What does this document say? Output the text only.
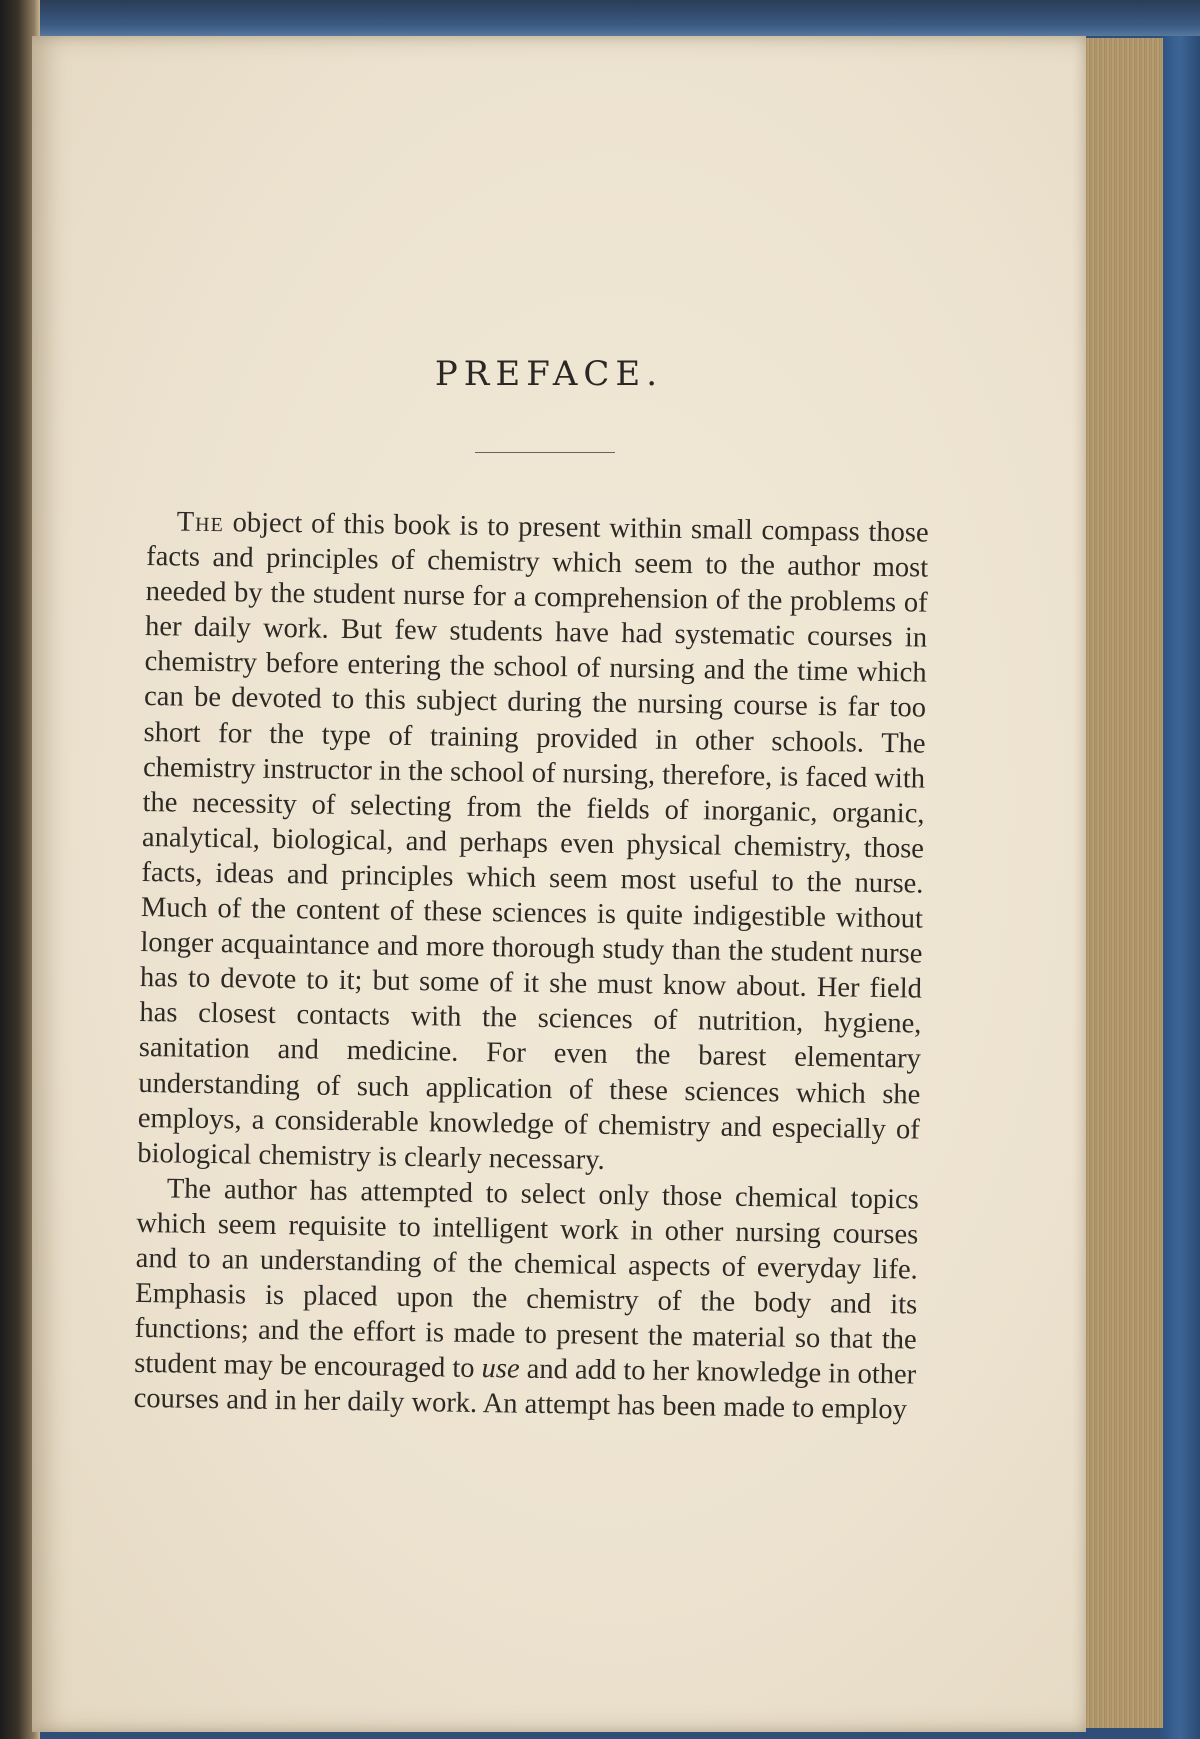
PREFACE.

The object of this book is to present within small compass those facts and principles of chemistry which seem to the author most needed by the student nurse for a comprehension of the problems of her daily work. But few students have had systematic courses in chemistry before entering the school of nursing and the time which can be devoted to this subject during the nursing course is far too short for the type of training provided in other schools. The chemistry instructor in the school of nursing, therefore, is faced with the necessity of selecting from the fields of inorganic, organic, analytical, biological, and perhaps even physical chemistry, those facts, ideas and principles which seem most useful to the nurse. Much of the content of these sciences is quite indigestible without longer acquaintance and more thorough study than the student nurse has to devote to it; but some of it she must know about. Her field has closest contacts with the sciences of nutrition, hygiene, sanitation and medicine. For even the barest elementary understanding of such application of these sciences which she employs, a considerable knowledge of chemistry and especially of biological chemistry is clearly necessary.

The author has attempted to select only those chemical topics which seem requisite to intelligent work in other nursing courses and to an understanding of the chemical aspects of everyday life. Emphasis is placed upon the chemistry of the body and its functions; and the effort is made to present the material so that the student may be encouraged to use and add to her knowledge in other courses and in her daily work. An attempt has been made to employ
